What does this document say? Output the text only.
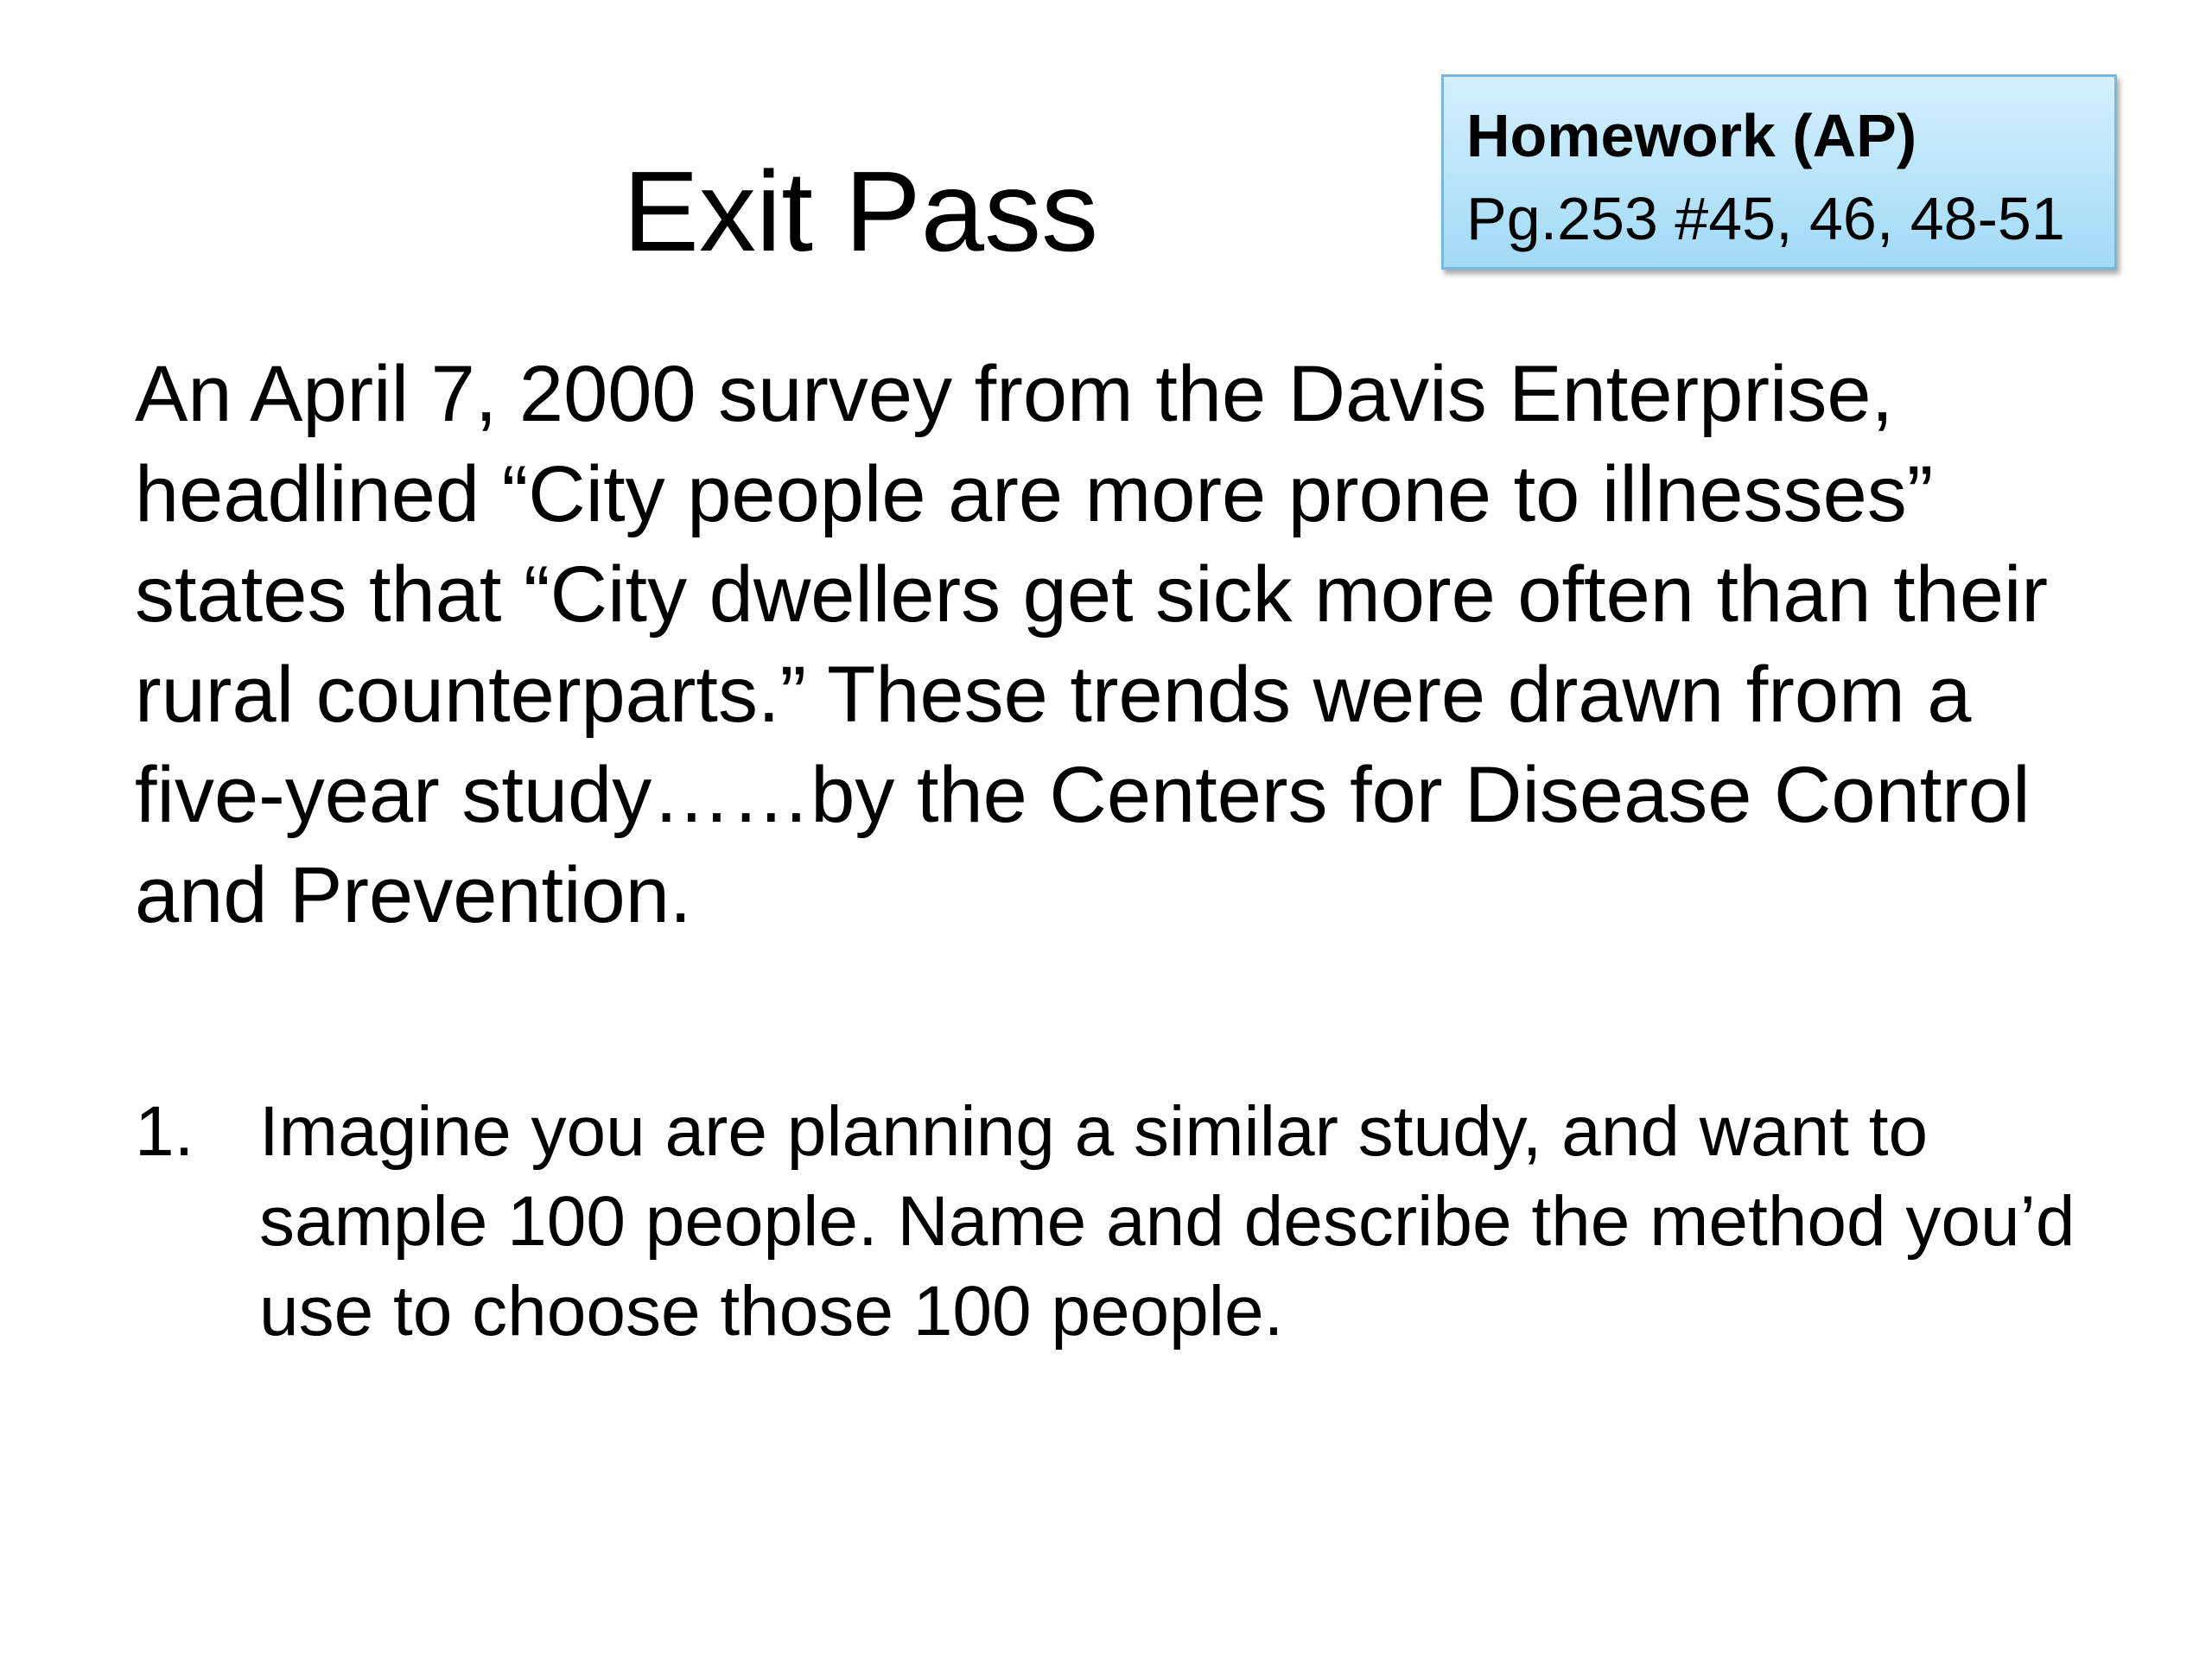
Exit Pass
Homework (AP)
Pg.253 #45, 46, 48-51

An April 7, 2000 survey from the Davis Enterprise, headlined “City people are more prone to illnesses” states that “City dwellers get sick more often than their rural counterparts.” These trends were drawn from a five-year study……by the Centers for Disease Control and Prevention.

1. Imagine you are planning a similar study, and want to sample 100 people. Name and describe the method you’d use to choose those 100 people.
